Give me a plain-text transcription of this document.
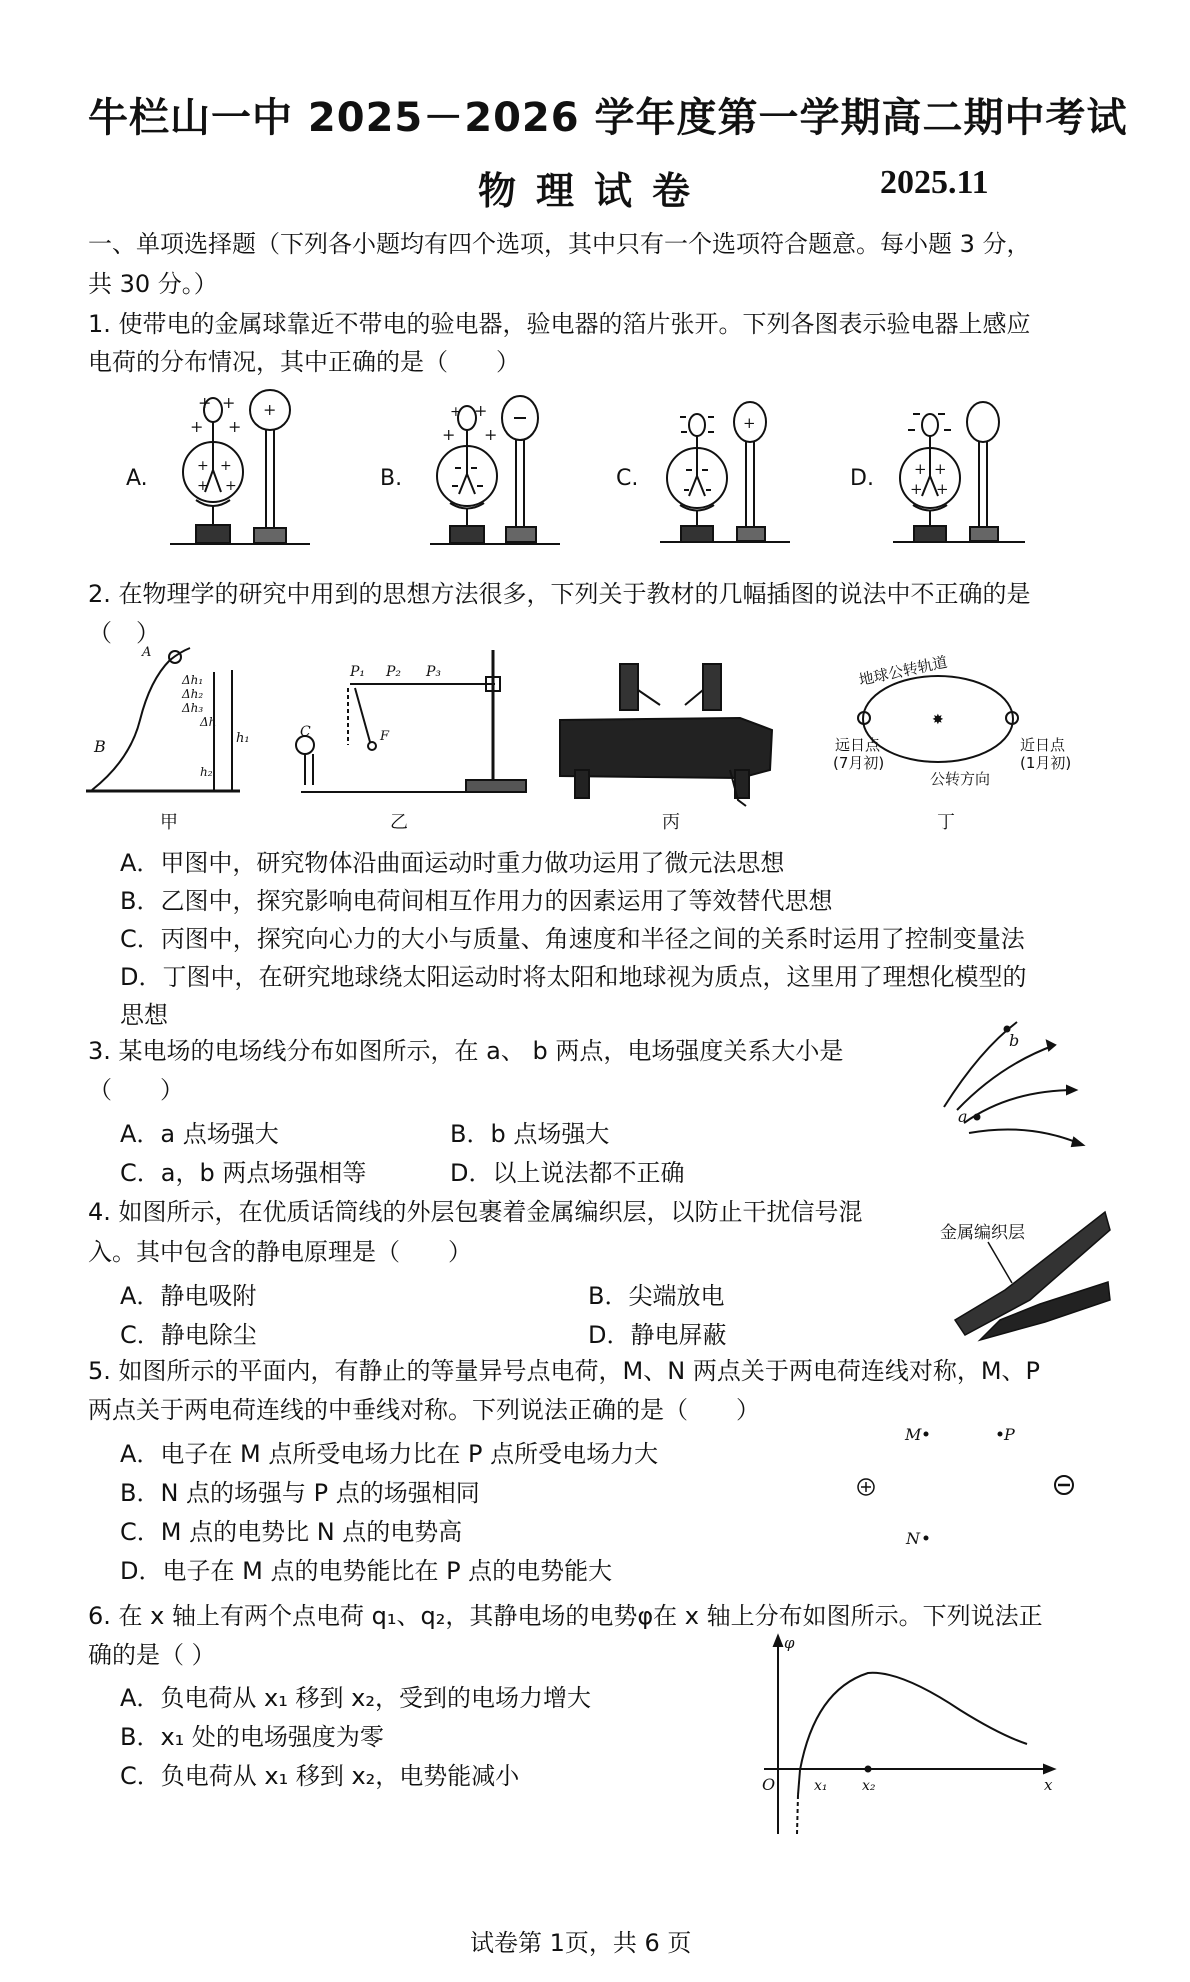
牛栏山一中 2025－2026 学年度第一学期高二期中考试
物理试卷	2025.11
一、单项选择题（下列各小题均有四个选项，其中只有一个选项符合题意。每小题 3 分，
共 30 分。）
1. 使带电的金属球靠近不带电的验电器，验电器的箔片张开。下列各图表示验电器上感应
电荷的分布情况，其中正确的是（　　）
A.	B.	C.	D.
+ +
+ +
+
+ +
+ +
+ +
+ +
+
+ +
+ +
2. 在物理学的研究中用到的思想方法很多，下列关于教材的几幅插图的说法中不正确的是
（　）
B
A
Δh₁
Δh₂
Δh₃
Δh
h₁
h₂
C
P₁ P₂ P₃
F
✸
地球公转轨道
远日点
(7月初)
近日点
(1月初)
公转方向
甲	乙	丙	丁
A．甲图中，研究物体沿曲面运动时重力做功运用了微元法思想
B．乙图中，探究影响电荷间相互作用力的因素运用了等效替代思想
C．丙图中，探究向心力的大小与质量、角速度和半径之间的关系时运用了控制变量法
D．丁图中，在研究地球绕太阳运动时将太阳和地球视为质点，这里用了理想化模型的
思想
3. 某电场的电场线分布如图所示，在 a、 b 两点，电场强度关系大小是
（　　）
A．a 点场强大	B．b 点场强大
C．a，b 两点场强相等	D．以上说法都不正确
a
b
4. 如图所示，在优质话筒线的外层包裹着金属编织层，以防止干扰信号混
入。其中包含的静电原理是（　　）
A．静电吸附	B．尖端放电
C．静电除尘	D．静电屏蔽
金属编织层
5. 如图所示的平面内，有静止的等量异号点电荷，M、N 两点关于两电荷连线对称，M、P
两点关于两电荷连线的中垂线对称。下列说法正确的是（　　）
A．电子在 M 点所受电场力比在 P 点所受电场力大
B．N 点的场强与 P 点的场强相同
C．M 点的电势比 N 点的电势高
D．电子在 M 点的电势能比在 P 点的电势能大
M	P
N
6. 在 x 轴上有两个点电荷 q₁、q₂，其静电场的电势φ在 x 轴上分布如图所示。下列说法正
确的是（ ）
A．负电荷从 x₁ 移到 x₂，受到的电场力增大
B．x₁ 处的电场强度为零
C．负电荷从 x₁ 移到 x₂，电势能减小
φ
O	x₁ x₂	x
试卷第 1页，共 6 页
